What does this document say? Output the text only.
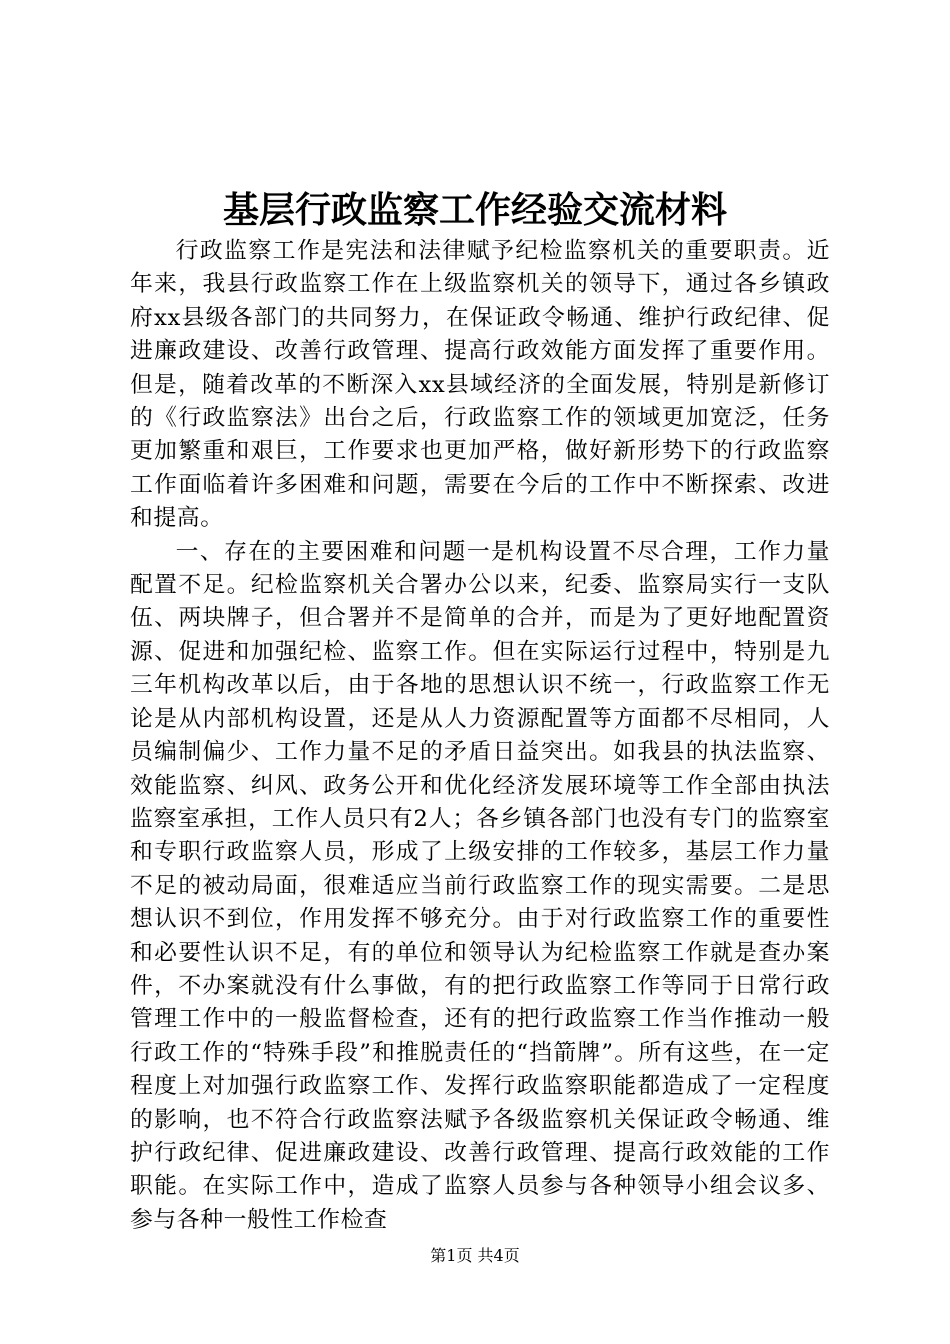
基层行政监察工作经验交流材料

行政监察工作是宪法和法律赋予纪检监察机关的重要职责。近年来，我县行政监察工作在上级监察机关的领导下，通过各乡镇政府xx县级各部门的共同努力，在保证政令畅通、维护行政纪律、促进廉政建设、改善行政管理、提高行政效能方面发挥了重要作用。但是，随着改革的不断深入xx县域经济的全面发展，特别是新修订的《行政监察法》出台之后，行政监察工作的领域更加宽泛，任务更加繁重和艰巨，工作要求也更加严格，做好新形势下的行政监察工作面临着许多困难和问题，需要在今后的工作中不断探索、改进和提高。

一、存在的主要困难和问题一是机构设置不尽合理，工作力量配置不足。纪检监察机关合署办公以来，纪委、监察局实行一支队伍、两块牌子，但合署并不是简单的合并，而是为了更好地配置资源、促进和加强纪检、监察工作。但在实际运行过程中，特别是九三年机构改革以后，由于各地的思想认识不统一，行政监察工作无论是从内部机构设置，还是从人力资源配置等方面都不尽相同，人员编制偏少、工作力量不足的矛盾日益突出。如我县的执法监察、效能监察、纠风、政务公开和优化经济发展环境等工作全部由执法监察室承担，工作人员只有2人；各乡镇各部门也没有专门的监察室和专职行政监察人员，形成了上级安排的工作较多，基层工作力量不足的被动局面，很难适应当前行政监察工作的现实需要。二是思想认识不到位，作用发挥不够充分。由于对行政监察工作的重要性和必要性认识不足，有的单位和领导认为纪检监察工作就是查办案件，不办案就没有什么事做，有的把行政监察工作等同于日常行政管理工作中的一般监督检查，还有的把行政监察工作当作推动一般行政工作的“特殊手段”和推脱责任的“挡箭牌”。所有这些，在一定程度上对加强行政监察工作、发挥行政监察职能都造成了一定程度的影响，也不符合行政监察法赋予各级监察机关保证政令畅通、维护行政纪律、促进廉政建设、改善行政管理、提高行政效能的工作职能。在实际工作中，造成了监察人员参与各种领导小组会议多、参与各种一般性工作检查

第1页 共4页
